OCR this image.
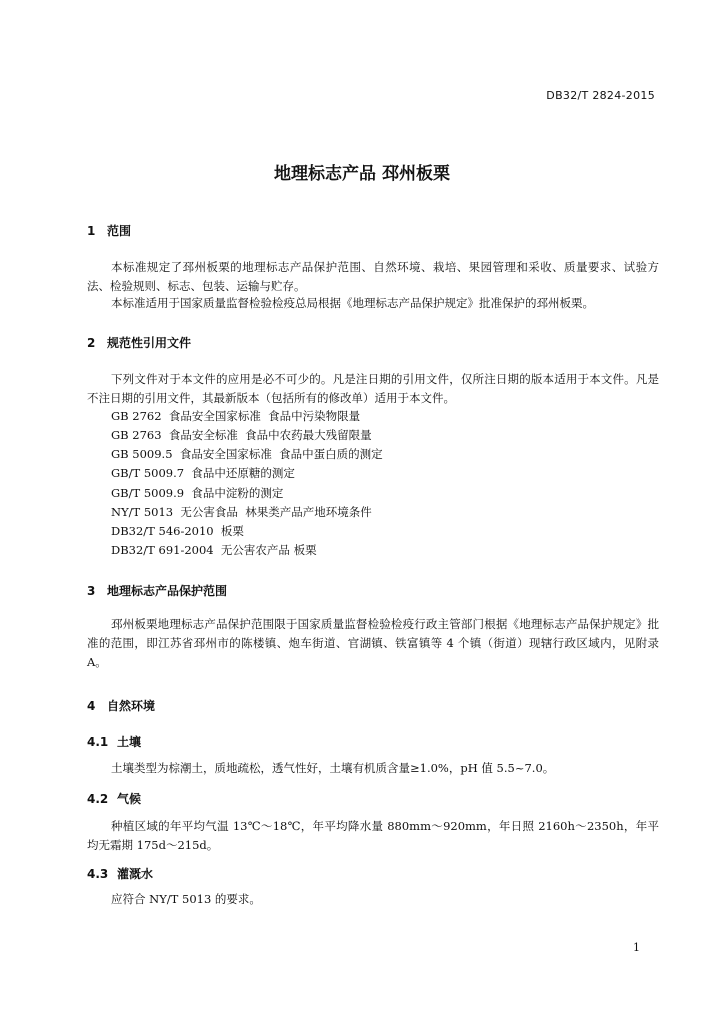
DB32/T 2824-2015
地理标志产品 邳州板栗
1 范围

本标准规定了邳州板栗的地理标志产品保护范围、自然环境、栽培、果园管理和采收、质量要求、试验方法、检验规则、标志、包装、运输与贮存。

本标准适用于国家质量监督检验检疫总局根据《地理标志产品保护规定》批准保护的邳州板栗。

2 规范性引用文件

下列文件对于本文件的应用是必不可少的。凡是注日期的引用文件，仅所注日期的版本适用于本文件。凡是不注日期的引用文件，其最新版本（包括所有的修改单）适用于本文件。

GB 2762  食品安全国家标准  食品中污染物限量
GB 2763  食品安全标准  食品中农药最大残留限量
GB 5009.5  食品安全国家标准  食品中蛋白质的测定
GB/T 5009.7  食品中还原糖的测定
GB/T 5009.9  食品中淀粉的测定
NY/T 5013  无公害食品  林果类产品产地环境条件
DB32/T 546-2010  板栗
DB32/T 691-2004  无公害农产品 板栗
3 地理标志产品保护范围

邳州板栗地理标志产品保护范围限于国家质量监督检验检疫行政主管部门根据《地理标志产品保护规定》批准的范围，即江苏省邳州市的陈楼镇、炮车街道、官湖镇、铁富镇等 4 个镇（街道）现辖行政区域内，见附录 A。

4 自然环境
4.1 土壤

土壤类型为棕潮土，质地疏松，透气性好，土壤有机质含量≥1.0%，pH 值 5.5~7.0。

4.2 气候

种植区域的年平均气温 13℃～18℃，年平均降水量 880mm～920mm，年日照 2160h～2350h，年平均无霜期 175d～215d。

4.3 灌溉水

应符合 NY/T 5013 的要求。

1
